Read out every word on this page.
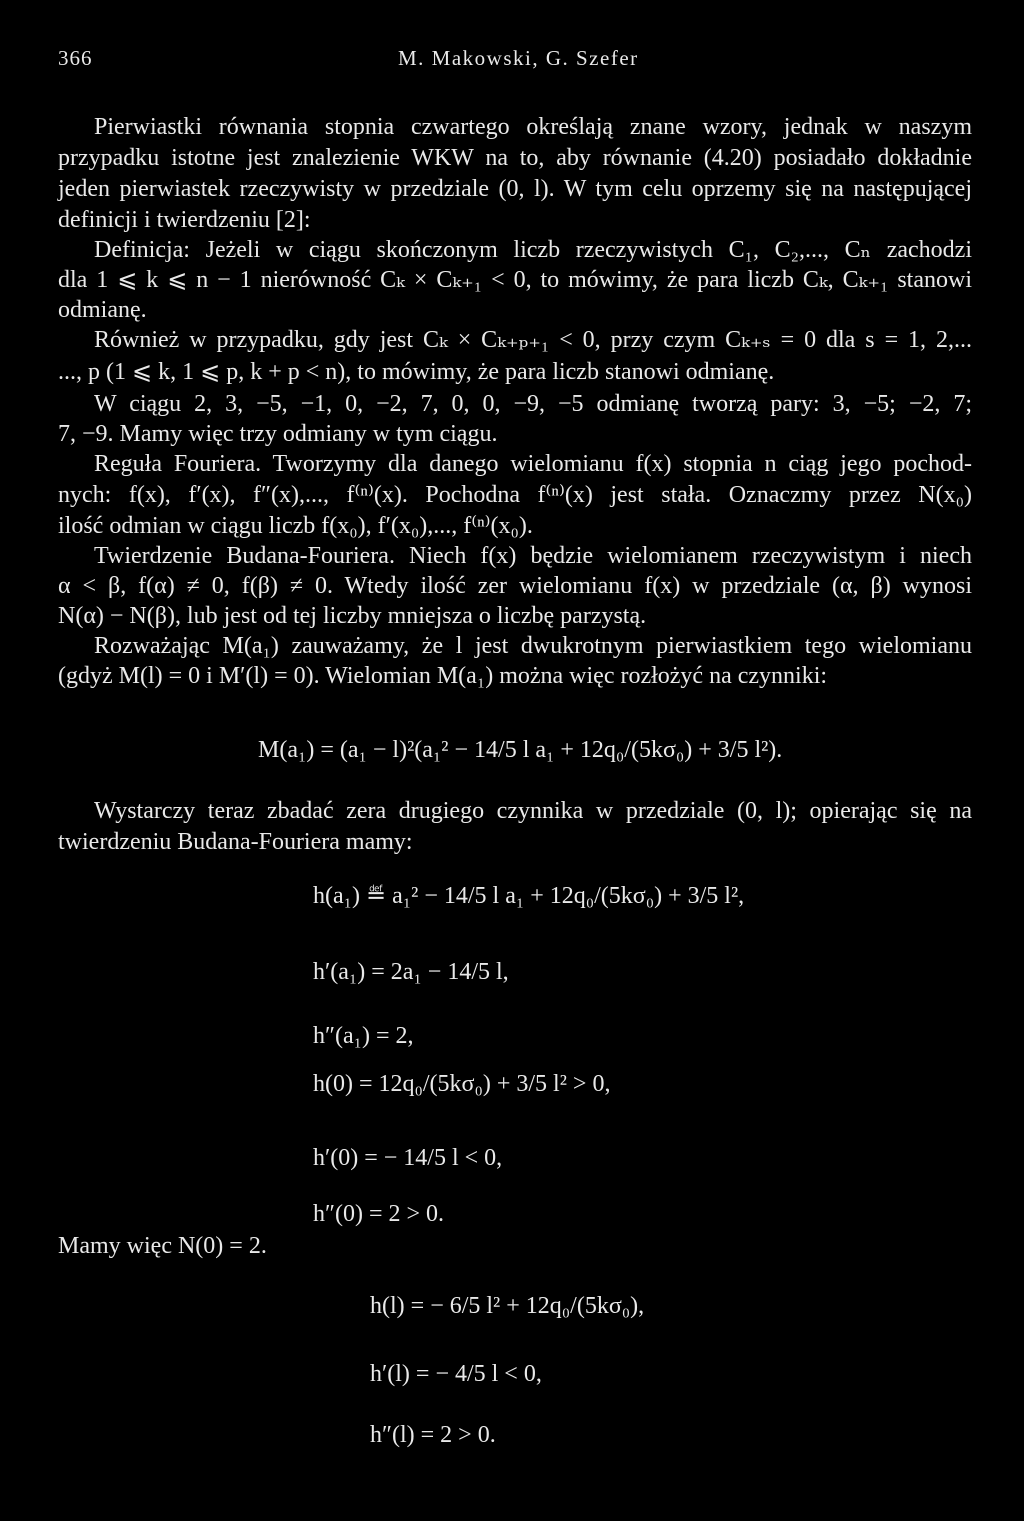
366	M. Makowski, G. Szefer
Pierwiastki równania stopnia czwartego określają znane wzory, jednak w naszym
przypadku istotne jest znalezienie WKW na to, aby równanie (4.20) posiadało dokładnie
jeden pierwiastek rzeczywisty w przedziale (0, l). W tym celu oprzemy się na następującej
definicji i twierdzeniu [2]:
Definicja: Jeżeli w ciągu skończonym liczb rzeczywistych C₁, C₂,..., Cₙ zachodzi
dla 1 ⩽ k ⩽ n − 1 nierówność Cₖ × Cₖ₊₁ < 0, to mówimy, że para liczb Cₖ, Cₖ₊₁ stanowi
odmianę.
Również w przypadku, gdy jest Cₖ × Cₖ₊ₚ₊₁ < 0, przy czym Cₖ₊ₛ = 0 dla s = 1, 2,...
..., p (1 ⩽ k, 1 ⩽ p, k + p < n), to mówimy, że para liczb stanowi odmianę.
W ciągu 2, 3, −5, −1, 0, −2, 7, 0, 0, −9, −5 odmianę tworzą pary: 3, −5; −2, 7;
7, −9. Mamy więc trzy odmiany w tym ciągu.
Reguła Fouriera. Tworzymy dla danego wielomianu f(x) stopnia n ciąg jego pochod-
nych: f(x), f′(x), f″(x),..., f⁽ⁿ⁾(x). Pochodna f⁽ⁿ⁾(x) jest stała. Oznaczmy przez N(x₀)
ilość odmian w ciągu liczb f(x₀), f′(x₀),..., f⁽ⁿ⁾(x₀).
Twierdzenie Budana-Fouriera. Niech f(x) będzie wielomianem rzeczywistym i niech
α < β, f(α) ≠ 0, f(β) ≠ 0. Wtedy ilość zer wielomianu f(x) w przedziale (α, β) wynosi
N(α) − N(β), lub jest od tej liczby mniejsza o liczbę parzystą.
Rozważając M(a₁) zauważamy, że l jest dwukrotnym pierwiastkiem tego wielomianu
(gdyż M(l) = 0 i M′(l) = 0). Wielomian M(a₁) można więc rozłożyć na czynniki:
M(a₁) = (a₁ − l)²(a₁² − 14/5 l a₁ + 12q₀/(5kσ₀) + 3/5 l²).
Wystarczy teraz zbadać zera drugiego czynnika w przedziale (0, l); opierając się na
twierdzeniu Budana-Fouriera mamy:
h(a₁) ≝ a₁² − 14/5 l a₁ + 12q₀/(5kσ₀) + 3/5 l²,
h′(a₁) = 2a₁ − 14/5 l,
h″(a₁) = 2,
h(0) = 12q₀/(5kσ₀) + 3/5 l² > 0,
h′(0) = − 14/5 l < 0,
h″(0) = 2 > 0.
Mamy więc N(0) = 2.
h(l) = − 6/5 l² + 12q₀/(5kσ₀),
h′(l) = − 4/5 l < 0,
h″(l) = 2 > 0.
